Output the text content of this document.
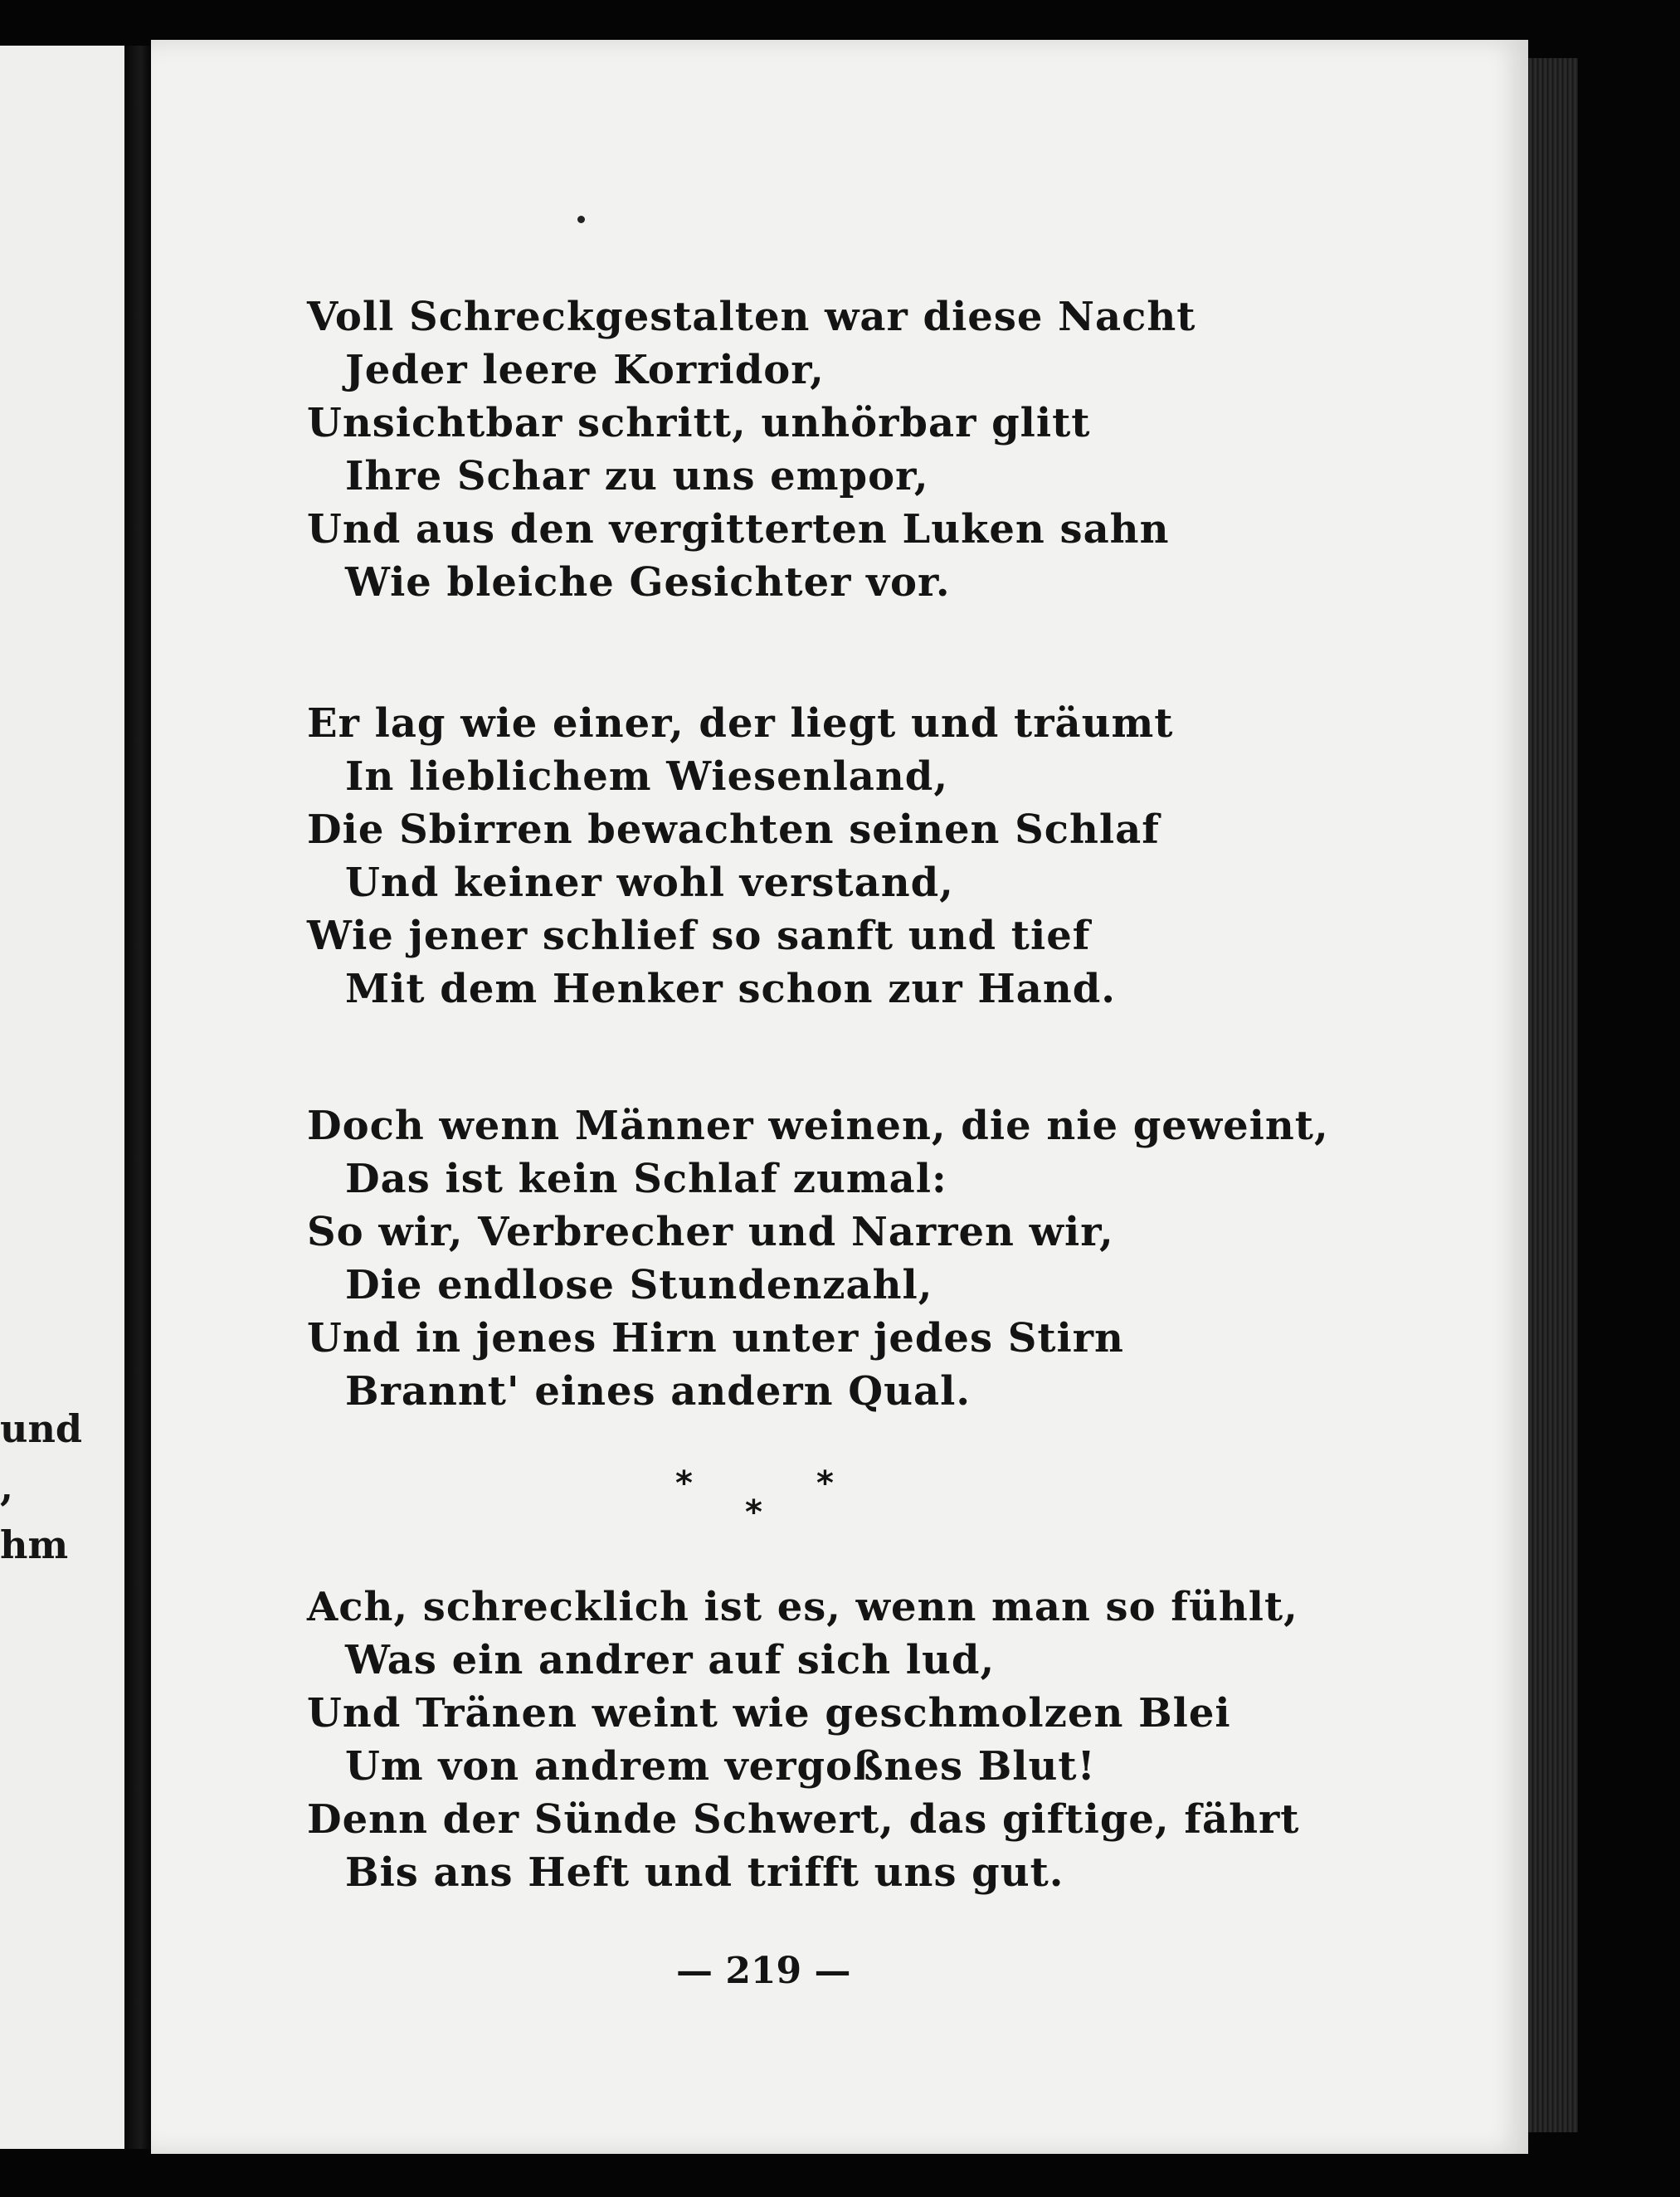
und
,
hm
Voll Schreckgestalten war diese Nacht
Jeder leere Korridor,
Unsichtbar schritt, unhörbar glitt
Ihre Schar zu uns empor,
Und aus den vergitterten Luken sahn
Wie bleiche Gesichter vor.
Er lag wie einer, der liegt und träumt
In lieblichem Wiesenland,
Die Sbirren bewachten seinen Schlaf
Und keiner wohl verstand,
Wie jener schlief so sanft und tief
Mit dem Henker schon zur Hand.
Doch wenn Männer weinen, die nie geweint,
Das ist kein Schlaf zumal:
So wir, Verbrecher und Narren wir,
Die endlose Stundenzahl,
Und in jenes Hirn unter jedes Stirn
Brannt' eines andern Qual.
*	*
*
Ach, schrecklich ist es, wenn man so fühlt,
Was ein andrer auf sich lud,
Und Tränen weint wie geschmolzen Blei
Um von andrem vergoßnes Blut!
Denn der Sünde Schwert, das giftige, fährt
Bis ans Heft und trifft uns gut.
— 219 —
